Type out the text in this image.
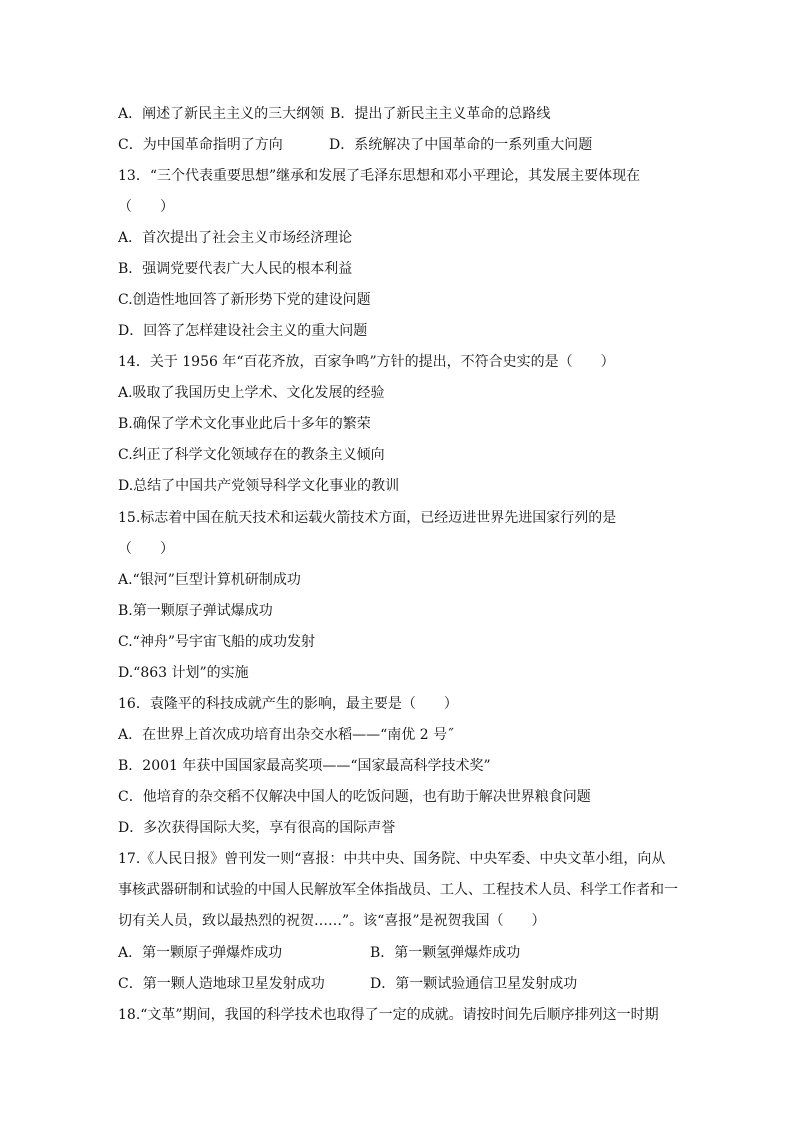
A．阐述了新民主主义的三大纲领 B．提出了新民主主义革命的总路线
C．为中国革命指明了方向	D．系统解决了中国革命的一系列重大问题
13．“三个代表重要思想”继承和发展了毛泽东思想和邓小平理论，其发展主要体现在
（　　）
A．首次提出了社会主义市场经济理论
B．强调党要代表广大人民的根本利益
C.创造性地回答了新形势下党的建设问题
D．回答了怎样建设社会主义的重大问题
14．关于 1956 年“百花齐放，百家争鸣”方针的提出，不符合史实的是（　　）
A.吸取了我国历史上学术、文化发展的经验
B.确保了学术文化事业此后十多年的繁荣
C.纠正了科学文化领域存在的教条主义倾向
D.总结了中国共产党领导科学文化事业的教训
15.标志着中国在航天技术和运载火箭技术方面，已经迈进世界先进国家行列的是
（　　）
A.“银河”巨型计算机研制成功
B.第一颗原子弹试爆成功
C.“神舟”号宇宙飞船的成功发射
D.“863 计划”的实施
16．袁隆平的科技成就产生的影响，最主要是（　　）
A．在世界上首次成功培育出杂交水稻——“南优 2 号˝
B．2001 年获中国国家最高奖项——“国家最高科学技术奖”
C．他培育的杂交稻不仅解决中国人的吃饭问题，也有助于解决世界粮食问题
D．多次获得国际大奖，享有很高的国际声誉
17.《人民日报》曾刊发一则“喜报：中共中央、国务院、中央军委、中央文革小组，向从
事核武器研制和试验的中国人民解放军全体指战员、工人、工程技术人员、科学工作者和一
切有关人员，致以最热烈的祝贺……”。该“喜报”是祝贺我国（　　）
A．第一颗原子弹爆炸成功	B．第一颗氢弹爆炸成功
C．第一颗人造地球卫星发射成功	D．第一颗试验通信卫星发射成功
18.“文革”期间，我国的科学技术也取得了一定的成就。请按时间先后顺序排列这一时期
